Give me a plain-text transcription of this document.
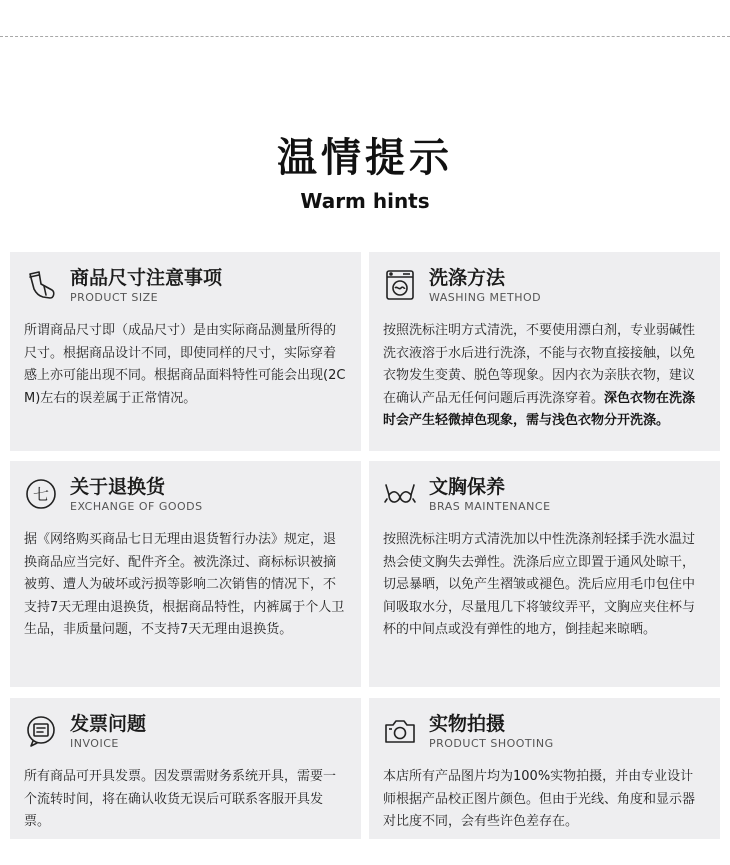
温情提示
Warm hints
商品尺寸注意事项
PRODUCT SIZE
所谓商品尺寸即（成品尺寸）是由实际商品测量所得的尺寸。根据商品设计不同，即使同样的尺寸，实际穿着感上亦可能出现不同。根据商品面料特性可能会出现(2CM)左右的误差属于正常情况。
洗涤方法
WASHING METHOD
按照洗标注明方式清洗，不要使用漂白剂，专业弱碱性洗衣液溶于水后进行洗涤，不能与衣物直接接触，以免衣物发生变黄、脱色等现象。因内衣为亲肤衣物，建议在确认产品无任何问题后再洗涤穿着。深色衣物在洗涤时会产生轻微掉色现象，需与浅色衣物分开洗涤。
七 关于退换货
EXCHANGE OF GOODS
据《网络购买商品七日无理由退货暂行办法》规定，退换商品应当完好、配件齐全。被洗涤过、商标标识被摘被剪、遭人为破坏或污损等影响二次销售的情况下，不支持7天无理由退换货，根据商品特性，内裤属于个人卫生品，非质量问题，不支持7天无理由退换货。
文胸保养
BRAS MAINTENANCE
按照洗标注明方式清洗加以中性洗涤剂轻揉手洗水温过热会使文胸失去弹性。洗涤后应立即置于通风处晾干，切忌暴晒，以免产生褶皱或褪色。洗后应用毛巾包住中间吸取水分，尽量甩几下将皱纹弄平，文胸应夹住杯与杯的中间点或没有弹性的地方，倒挂起来晾晒。
发票问题
INVOICE
所有商品可开具发票。因发票需财务系统开具，需要一个流转时间，将在确认收货无误后可联系客服开具发票。
实物拍摄
PRODUCT SHOOTING
本店所有产品图片均为100%实物拍摄，并由专业设计师根据产品校正图片颜色。但由于光线、角度和显示器对比度不同，会有些许色差存在。
